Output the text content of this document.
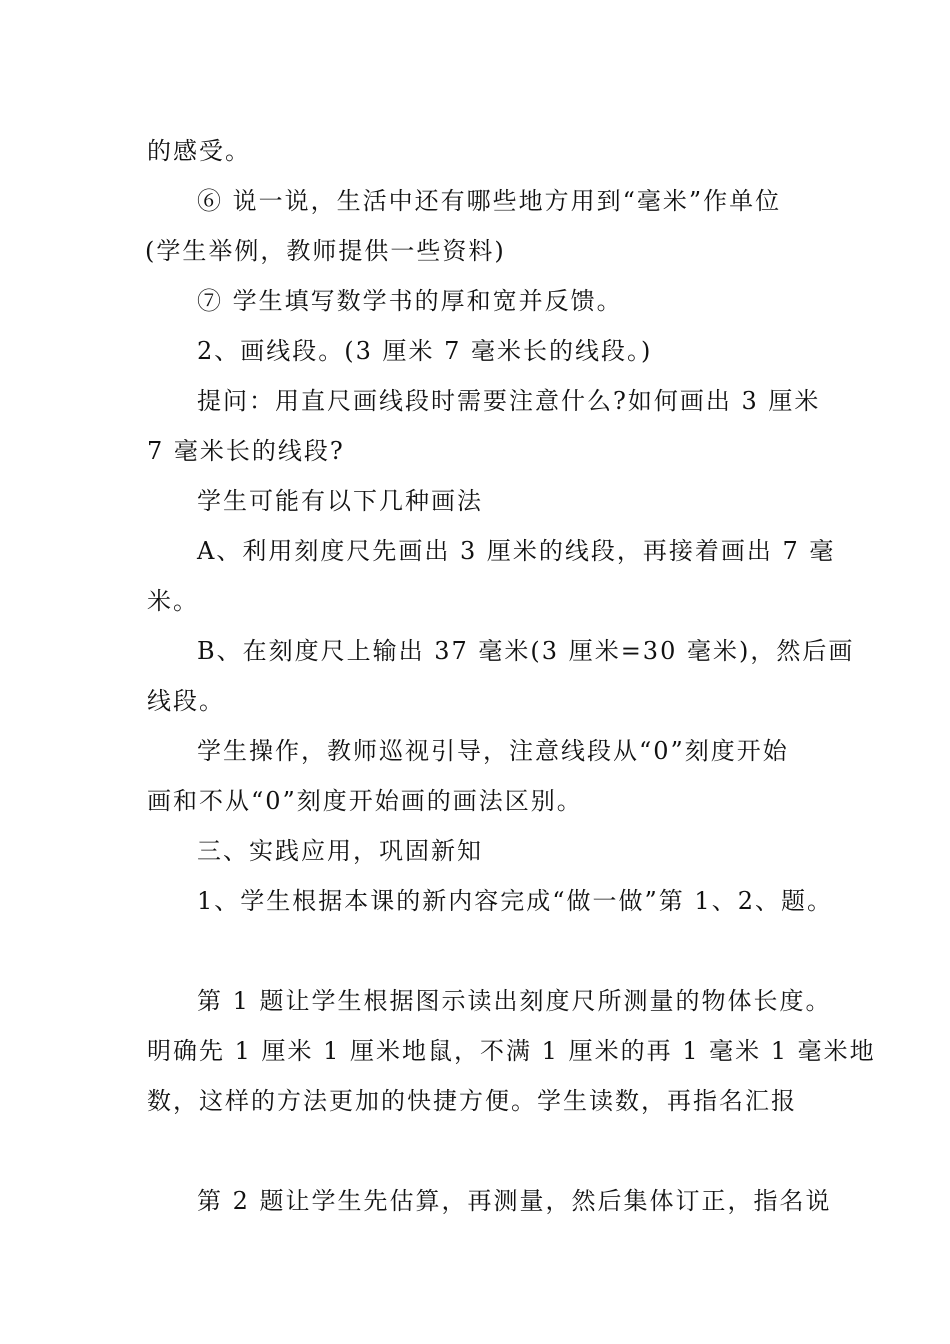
的感受。
⑥ 说一说，生活中还有哪些地方用到“毫米”作单位
(学生举例，教师提供一些资料)
⑦ 学生填写数学书的厚和宽并反馈。
2、画线段。(3 厘米 7 毫米长的线段。)
提问：用直尺画线段时需要注意什么?如何画出 3 厘米
7 毫米长的线段?
学生可能有以下几种画法
A、利用刻度尺先画出 3 厘米的线段，再接着画出 7 毫
米。
B、在刻度尺上输出 37 毫米(3 厘米=30 毫米)，然后画
线段。
学生操作，教师巡视引导，注意线段从“0”刻度开始
画和不从“0”刻度开始画的画法区别。
三、实践应用，巩固新知
1、学生根据本课的新内容完成“做一做”第 1、2、题。
第 1 题让学生根据图示读出刻度尺所测量的物体长度。
明确先 1 厘米 1 厘米地鼠，不满 1 厘米的再 1 毫米 1 毫米地
数，这样的方法更加的快捷方便。学生读数，再指名汇报
第 2 题让学生先估算，再测量，然后集体订正，指名说
